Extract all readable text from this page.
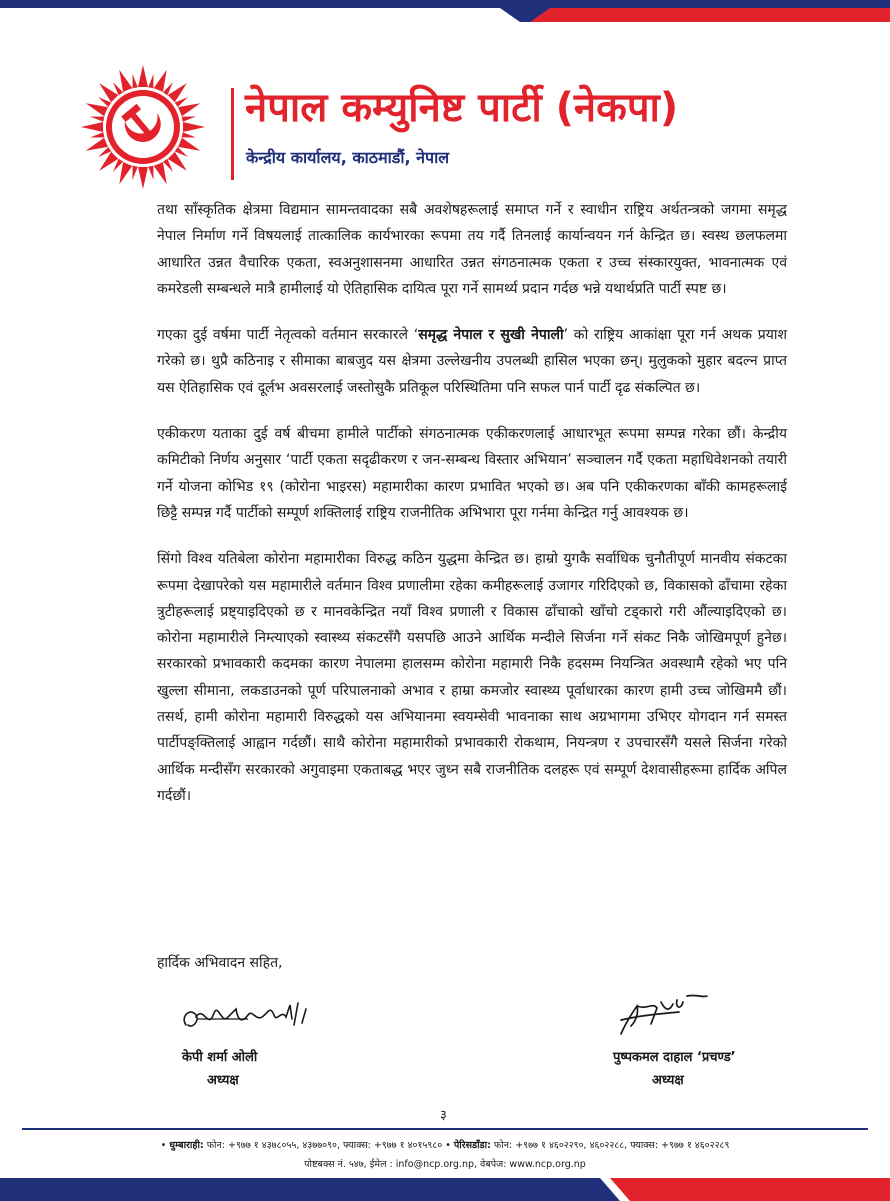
नेपाल कम्युनिष्ट पार्टी (नेकपा)

केन्द्रीय कार्यालय, काठमाडौं, नेपाल

तथा साँस्कृतिक क्षेत्रमा विद्यमान सामन्तवादका सबै अवशेषहरूलाई समाप्त गर्ने र स्वाधीन राष्ट्रिय अर्थतन्त्रको जगमा समृद्ध नेपाल निर्माण गर्ने विषयलाई तात्कालिक कार्यभारका रूपमा तय गर्दै तिनलाई कार्यान्वयन गर्न केन्द्रित छ। स्वस्थ छलफलमा आधारित उन्नत वैचारिक एकता, स्वअनुशासनमा आधारित उन्नत संगठनात्मक एकता र उच्च संस्कारयुक्त, भावनात्मक एवं कमरेडली सम्बन्धले मात्रै हामीलाई यो ऐतिहासिक दायित्व पूरा गर्ने सामर्थ्य प्रदान गर्दछ भन्ने यथार्थप्रति पार्टी स्पष्ट छ।

गएका दुई वर्षमा पार्टी नेतृत्वको वर्तमान सरकारले ‘समृद्ध नेपाल र सुखी नेपाली’ को राष्ट्रिय आकांक्षा पूरा गर्न अथक प्रयाश गरेको छ। थुप्रै कठिनाइ र सीमाका बाबजुद यस क्षेत्रमा उल्लेखनीय उपलब्धी हासिल भएका छन्। मुलुकको मुहार बदल्न प्राप्त यस ऐतिहासिक एवं दूर्लभ अवसरलाई जस्तोसुकै प्रतिकूल परिस्थितिमा पनि सफल पार्न पार्टी दृढ संकल्पित छ।

एकीकरण यताका दुई वर्ष बीचमा हामीले पार्टीको संगठनात्मक एकीकरणलाई आधारभूत रूपमा सम्पन्न गरेका छौं। केन्द्रीय कमिटीको निर्णय अनुसार ‘पार्टी एकता सदृढीकरण र जन-सम्बन्ध विस्तार अभियान’ सञ्चालन गर्दै एकता महाधिवेशनको तयारी गर्ने योजना कोभिड १९ (कोरोना भाइरस) महामारीका कारण प्रभावित भएको छ। अब पनि एकीकरणका बाँकी कामहरूलाई छिट्टै सम्पन्न गर्दै पार्टीको सम्पूर्ण शक्तिलाई राष्ट्रिय राजनीतिक अभिभारा पूरा गर्नमा केन्द्रित गर्नु आवश्यक छ।

सिंगो विश्व यतिबेला कोरोना महामारीका विरुद्ध कठिन युद्धमा केन्द्रित छ। हाम्रो युगकै सर्वाधिक चुनौतीपूर्ण मानवीय संकटका रूपमा देखापरेको यस महामारीले वर्तमान विश्व प्रणालीमा रहेका कमीहरूलाई उजागर गरिदिएको छ, विकासको ढाँचामा रहेका त्रुटीहरूलाई प्रष्ट्याइदिएको छ र मानवकेन्द्रित नयाँ विश्व प्रणाली र विकास ढाँचाको खाँचो टड्कारो गरी औंल्याइदिएको छ। कोरोना महामारीले निम्त्याएको स्वास्थ्य संकटसँगै यसपछि आउने आर्थिक मन्दीले सिर्जना गर्ने संकट निकै जोखिमपूर्ण हुनेछ। सरकारको प्रभावकारी कदमका कारण नेपालमा हालसम्म कोरोना महामारी निकै हदसम्म नियन्त्रित अवस्थामै रहेको भए पनि खुल्ला सीमाना, लकडाउनको पूर्ण परिपालनाको अभाव र हाम्रा कमजोर स्वास्थ्य पूर्वाधारका कारण हामी उच्च जोखिममै छौं। तसर्थ, हामी कोरोना महामारी विरुद्धको यस अभियानमा स्वयम्सेवी भावनाका साथ अग्रभागमा उभिएर योगदान गर्न समस्त पार्टीपङ्क्तिलाई आह्वान गर्दछौं। साथै कोरोना महामारीको प्रभावकारी रोकथाम, नियन्त्रण र उपचारसँगै यसले सिर्जना गरेको आर्थिक मन्दीसँग सरकारको अगुवाइमा एकताबद्ध भएर जुध्न सबै राजनीतिक दलहरू एवं सम्पूर्ण देशवासीहरूमा हार्दिक अपिल गर्दछौं।

हार्दिक अभिवादन सहित,

केपी शर्मा ओली

अध्यक्ष

पुष्पकमल दाहाल ‘प्रचण्ड’

अध्यक्ष

३

• धुम्बाराही: फोन: +९७७ १ ४३७८०५५, ४३७७०९०, फ्याक्स: +९७७ १ ४०१५९८० • पेरिसडाँडा: फोन: +९७७ १ ४६०२२९०, ४६०२२८८, फ्याक्स: +९७७ १ ४६०२२८९

पोष्टबक्स नं. ५४७, ईमेल : info@ncp.org.np, वेबपेज: www.ncp.org.np
